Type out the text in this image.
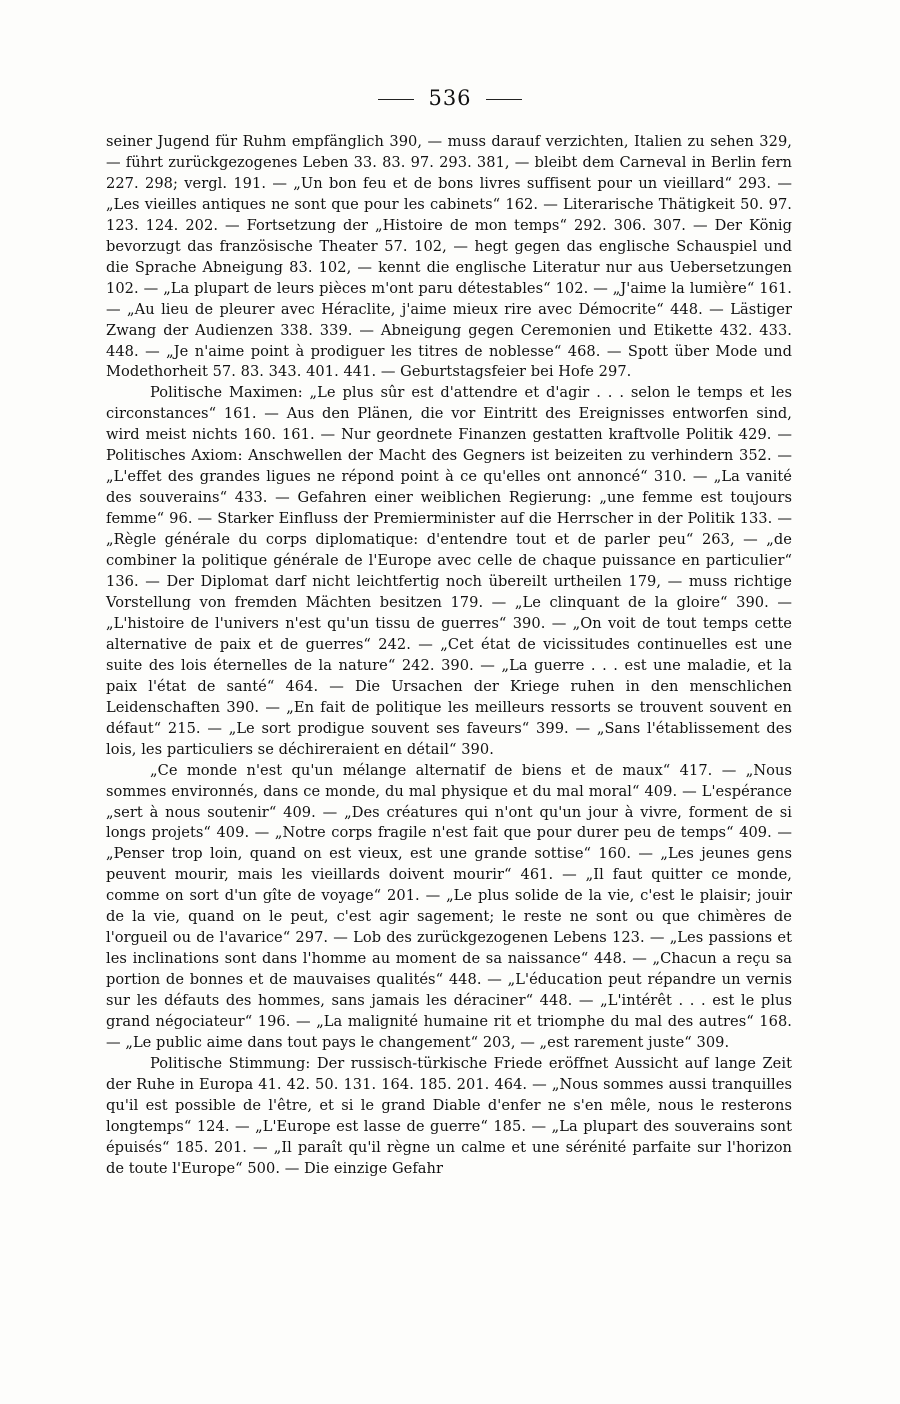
536

seiner Jugend für Ruhm empfänglich 390, — muss darauf verzichten, Italien zu sehen 329, — führt zurückgezogenes Leben 33. 83. 97. 293. 381, — bleibt dem Carneval in Berlin fern 227. 298; vergl. 191. — „Un bon feu et de bons livres suffisent pour un vieillard“ 293. — „Les vieilles antiques ne sont que pour les cabinets“ 162. — Literarische Thätigkeit 50. 97. 123. 124. 202. — Fortsetzung der „Histoire de mon temps“ 292. 306. 307. — Der König bevorzugt das französische Theater 57. 102, — hegt gegen das englische Schauspiel und die Sprache Abneigung 83. 102, — kennt die englische Literatur nur aus Uebersetzungen 102. — „La plupart de leurs pièces m'ont paru détestables“ 102. — „J'aime la lumière“ 161. — „Au lieu de pleurer avec Héraclite, j'aime mieux rire avec Démocrite“ 448. — Lästiger Zwang der Audienzen 338. 339. — Abneigung gegen Ceremonien und Etikette 432. 433. 448. — „Je n'aime point à prodiguer les titres de noblesse“ 468. — Spott über Mode und Modethorheit 57. 83. 343. 401. 441. — Geburtstagsfeier bei Hofe 297.

Politische Maximen: „Le plus sûr est d'attendre et d'agir . . . selon le temps et les circonstances“ 161. — Aus den Plänen, die vor Eintritt des Ereignisses entworfen sind, wird meist nichts 160. 161. — Nur geordnete Finanzen gestatten kraftvolle Politik 429. — Politisches Axiom: Anschwellen der Macht des Gegners ist beizeiten zu verhindern 352. — „L'effet des grandes ligues ne répond point à ce qu'elles ont annoncé“ 310. — „La vanité des souverains“ 433. — Gefahren einer weiblichen Regierung: „une femme est toujours femme“ 96. — Starker Einfluss der Premierminister auf die Herrscher in der Politik 133. — „Règle générale du corps diplomatique: d'entendre tout et de parler peu“ 263, — „de combiner la politique générale de l'Europe avec celle de chaque puissance en particulier“ 136. — Der Diplomat darf nicht leichtfertig noch übereilt urtheilen 179, — muss richtige Vorstellung von fremden Mächten besitzen 179. — „Le clinquant de la gloire“ 390. — „L'histoire de l'univers n'est qu'un tissu de guerres“ 390. — „On voit de tout temps cette alternative de paix et de guerres“ 242. — „Cet état de vicissitudes continuelles est une suite des lois éternelles de la nature“ 242. 390. — „La guerre . . . est une maladie, et la paix l'état de santé“ 464. — Die Ursachen der Kriege ruhen in den menschlichen Leidenschaften 390. — „En fait de politique les meilleurs ressorts se trouvent souvent en défaut“ 215. — „Le sort prodigue souvent ses faveurs“ 399. — „Sans l'établissement des lois, les particuliers se déchireraient en détail“ 390.

„Ce monde n'est qu'un mélange alternatif de biens et de maux“ 417. — „Nous sommes environnés, dans ce monde, du mal physique et du mal moral“ 409. — L'espérance „sert à nous soutenir“ 409. — „Des créatures qui n'ont qu'un jour à vivre, forment de si longs projets“ 409. — „Notre corps fragile n'est fait que pour durer peu de temps“ 409. — „Penser trop loin, quand on est vieux, est une grande sottise“ 160. — „Les jeunes gens peuvent mourir, mais les vieillards doivent mourir“ 461. — „Il faut quitter ce monde, comme on sort d'un gîte de voyage“ 201. — „Le plus solide de la vie, c'est le plaisir; jouir de la vie, quand on le peut, c'est agir sagement; le reste ne sont ou que chimères de l'orgueil ou de l'avarice“ 297. — Lob des zurückgezogenen Lebens 123. — „Les passions et les inclinations sont dans l'homme au moment de sa naissance“ 448. — „Chacun a reçu sa portion de bonnes et de mauvaises qualités“ 448. — „L'éducation peut répandre un vernis sur les défauts des hommes, sans jamais les déraciner“ 448. — „L'intérêt . . . est le plus grand négociateur“ 196. — „La malignité humaine rit et triomphe du mal des autres“ 168. — „Le public aime dans tout pays le changement“ 203, — „est rarement juste“ 309.

Politische Stimmung: Der russisch-türkische Friede eröffnet Aussicht auf lange Zeit der Ruhe in Europa 41. 42. 50. 131. 164. 185. 201. 464. — „Nous sommes aussi tranquilles qu'il est possible de l'être, et si le grand Diable d'enfer ne s'en mêle, nous le resterons longtemps“ 124. — „L'Europe est lasse de guerre“ 185. — „La plupart des souverains sont épuisés“ 185. 201. — „Il paraît qu'il règne un calme et une sérénité parfaite sur l'horizon de toute l'Europe“ 500. — Die einzige Gefahr
